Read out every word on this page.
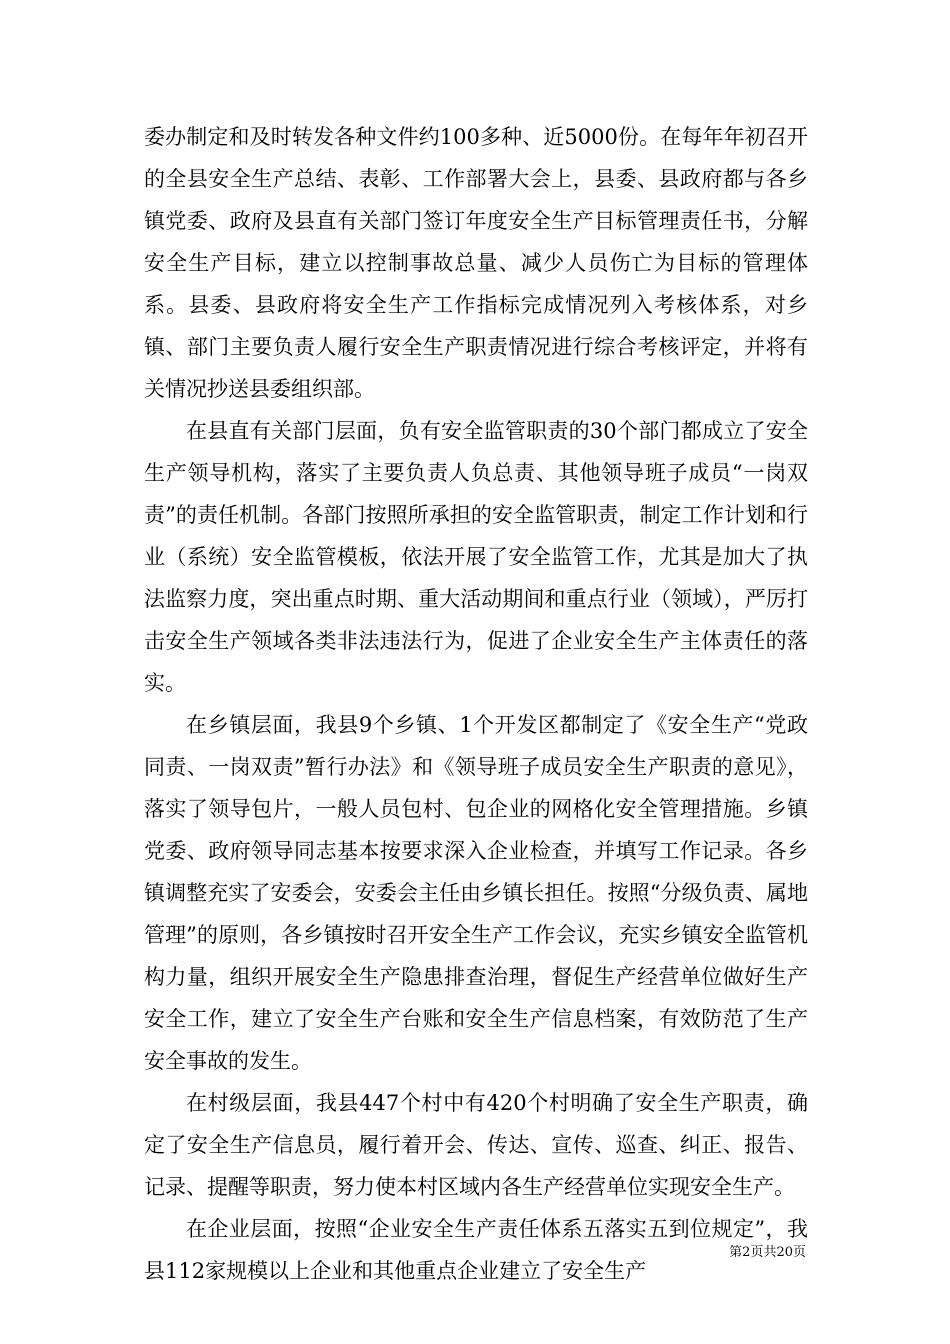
委办制定和及时转发各种文件约100多种、近5000份。在每年年初召开的全县安全生产总结、表彰、工作部署大会上，县委、县政府都与各乡镇党委、政府及县直有关部门签订年度安全生产目标管理责任书，分解安全生产目标，建立以控制事故总量、减少人员伤亡为目标的管理体系。县委、县政府将安全生产工作指标完成情况列入考核体系，对乡镇、部门主要负责人履行安全生产职责情况进行综合考核评定，并将有关情况抄送县委组织部。

在县直有关部门层面，负有安全监管职责的30个部门都成立了安全生产领导机构，落实了主要负责人负总责、其他领导班子成员“一岗双责”的责任机制。各部门按照所承担的安全监管职责，制定工作计划和行业（系统）安全监管模板，依法开展了安全监管工作，尤其是加大了执法监察力度，突出重点时期、重大活动期间和重点行业（领域），严厉打击安全生产领域各类非法违法行为，促进了企业安全生产主体责任的落实。

在乡镇层面，我县9个乡镇、1个开发区都制定了《安全生产“党政同责、一岗双责”暂行办法》和《领导班子成员安全生产职责的意见》，落实了领导包片，一般人员包村、包企业的网格化安全管理措施。乡镇党委、政府领导同志基本按要求深入企业检查，并填写工作记录。各乡镇调整充实了安委会，安委会主任由乡镇长担任。按照“分级负责、属地管理”的原则，各乡镇按时召开安全生产工作会议，充实乡镇安全监管机构力量，组织开展安全生产隐患排查治理，督促生产经营单位做好生产安全工作，建立了安全生产台账和安全生产信息档案，有效防范了生产安全事故的发生。

在村级层面，我县447个村中有420个村明确了安全生产职责，确定了安全生产信息员，履行着开会、传达、宣传、巡查、纠正、报告、记录、提醒等职责，努力使本村区域内各生产经营单位实现安全生产。

在企业层面，按照“企业安全生产责任体系五落实五到位规定”，我县112家规模以上企业和其他重点企业建立了安全生产

第2页共20页
